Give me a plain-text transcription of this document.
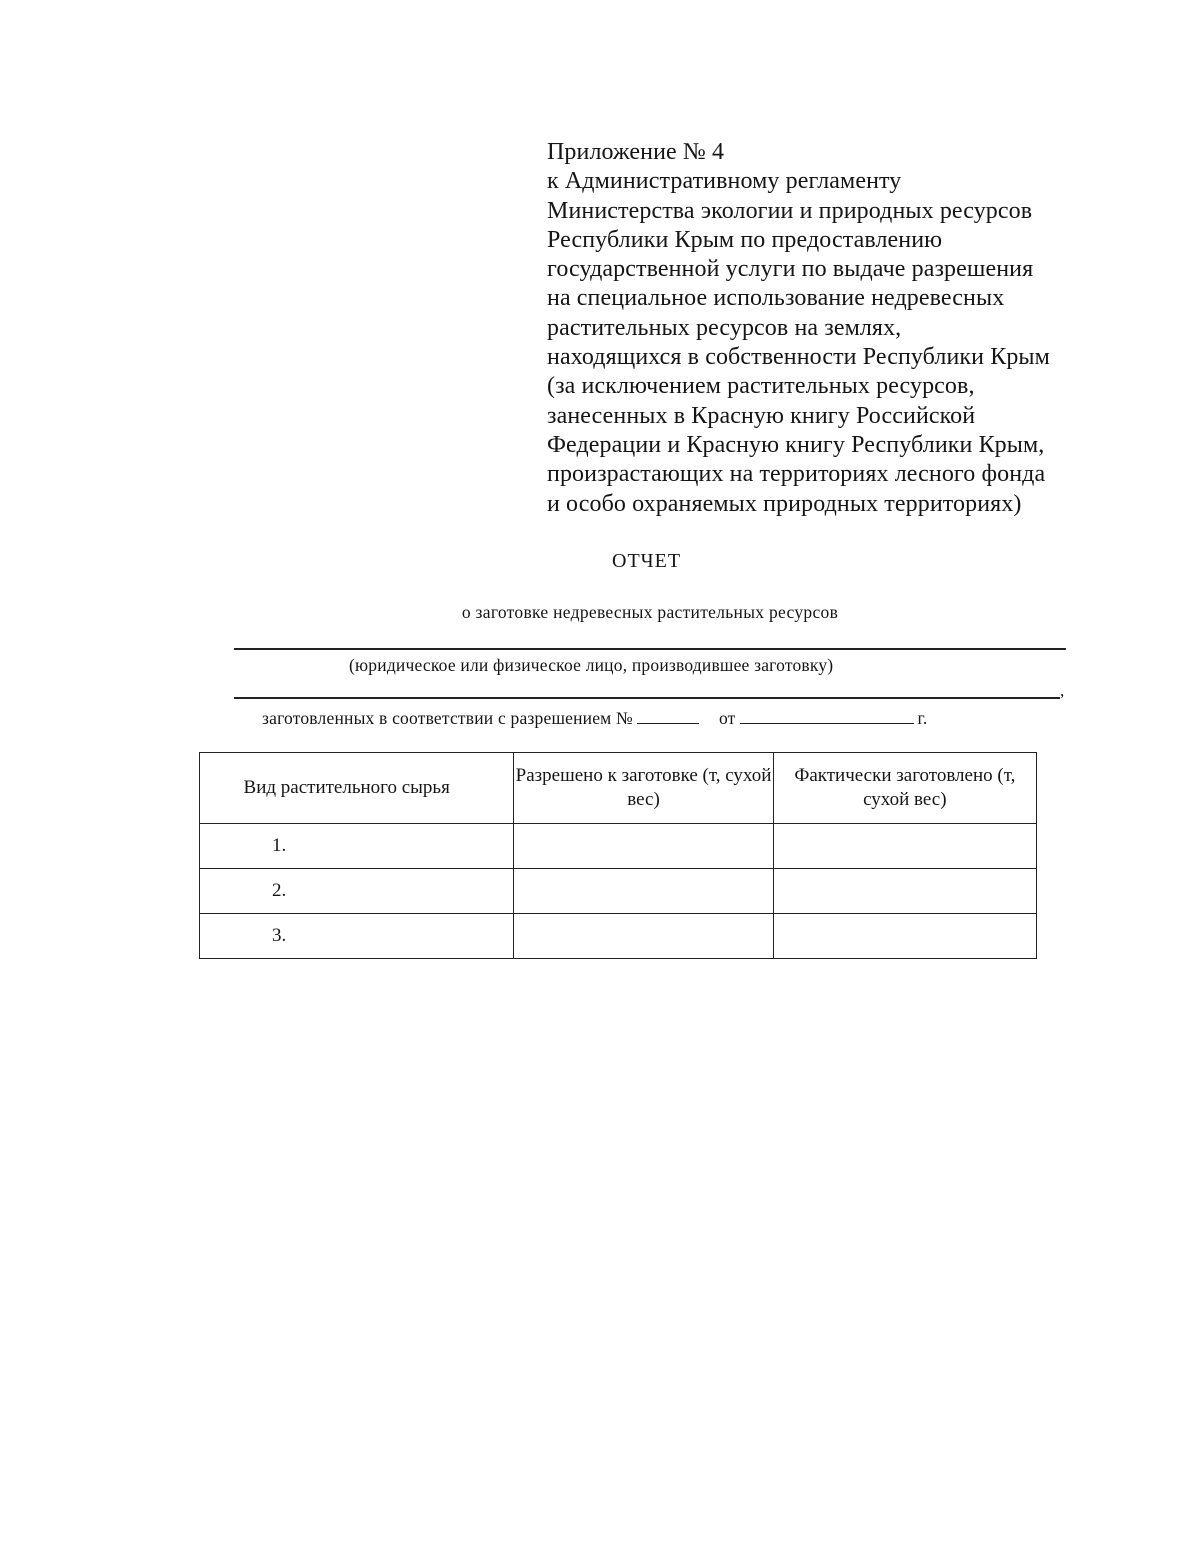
Приложение № 4
к Административному регламенту
Министерства экологии и природных ресурсов
Республики Крым по предоставлению
государственной услуги по выдаче разрешения
на специальное использование недревесных
растительных ресурсов на землях,
находящихся в собственности Республики Крым
(за исключением растительных ресурсов,
занесенных в Красную книгу Российской
Федерации и Красную книгу Республики Крым,
произрастающих на территориях лесного фонда
и особо охраняемых природных территориях)
ОТЧЕТ
о заготовке недревесных растительных ресурсов
(юридическое или физическое лицо, производившее заготовку)
,
заготовленных в соответствии с разрешением №	от	г.
Вид растительного сырья	Разрешено к заготовке (т, сухой вес)	Фактически заготовлено (т, сухой вес)
1.		
2.		
3.		
